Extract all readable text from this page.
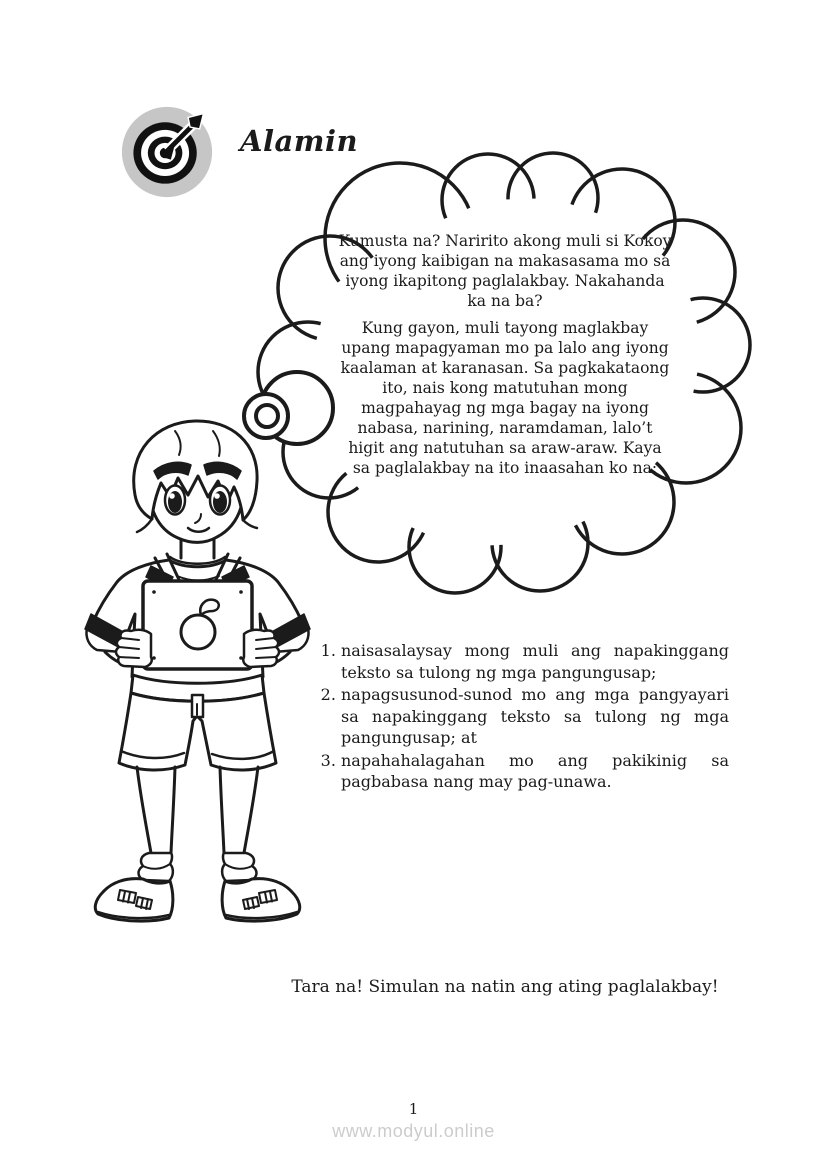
Alamin

Kumusta na? Naririto akong muli si Kokoy ang iyong kaibigan na makasasama mo sa iyong ikapitong paglalakbay. Nakahanda ka na ba?

Kung gayon, muli tayong maglakbay upang mapagyaman mo pa lalo ang iyong kaalaman at karanasan. Sa pagkakataong ito, nais kong matutuhan mong magpahayag ng mga bagay na iyong nabasa, narining, naramdaman, lalo’t higit ang natutuhan sa araw-araw. Kaya sa paglalakbay na ito inaasahan ko na:

1. naisasalaysay mong muli ang napakinggang teksto sa tulong ng mga pangungusap;
2. napagsusunod-sunod mo ang mga pangyayari sa napakinggang teksto sa tulong ng mga pangungusap; at
3. napahahalagahan mo ang pakikinig sa pagbabasa nang may pag-unawa.
Tara na! Simulan na natin ang ating paglalakbay!
1
www.modyul.online
